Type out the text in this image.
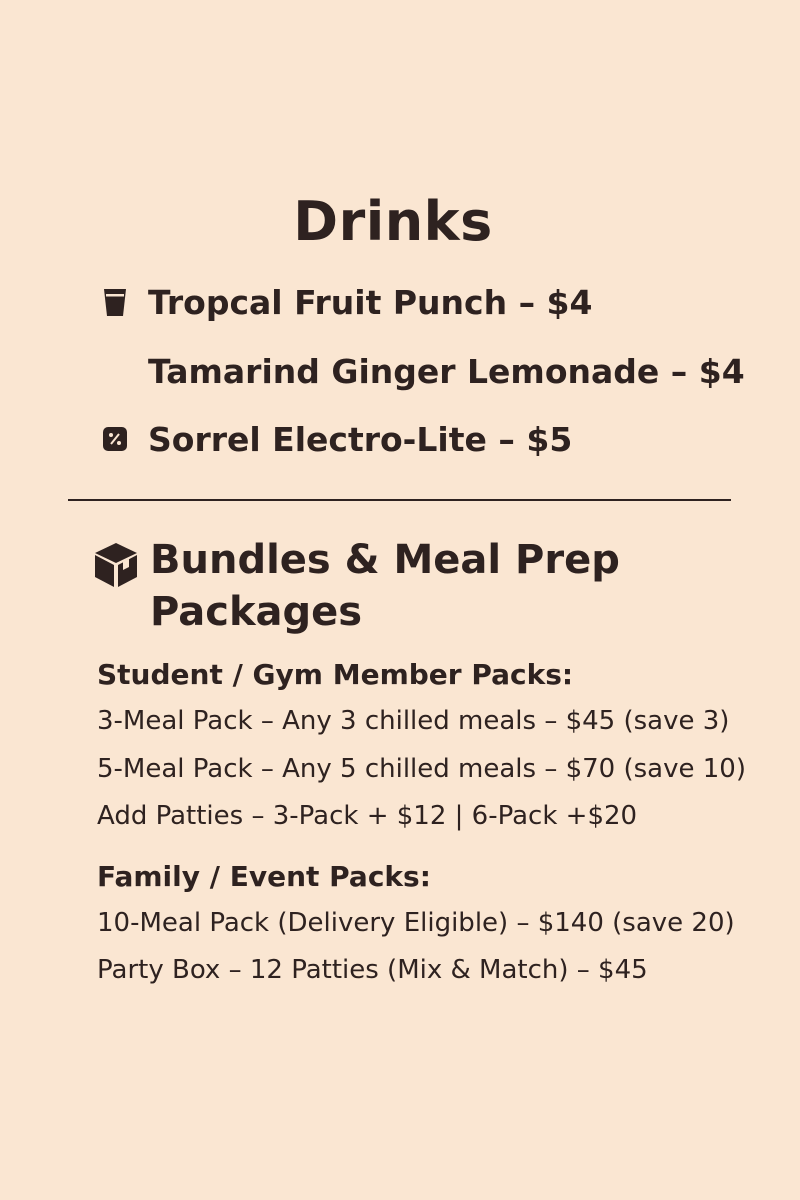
Drinks
Tropcal Fruit Punch – $4
Tamarind Ginger Lemonade – $4
Sorrel Electro-Lite – $5
Bundles & Meal Prep Packages
Student / Gym Member Packs:
3-Meal Pack – Any 3 chilled meals – $45 (save 3)
5-Meal Pack – Any 5 chilled meals – $70 (save 10)
Add Patties – 3-Pack + $12 | 6-Pack +$20
Family / Event Packs:
10-Meal Pack (Delivery Eligible) – $140 (save 20)
Party Box – 12 Patties (Mix & Match) – $45
